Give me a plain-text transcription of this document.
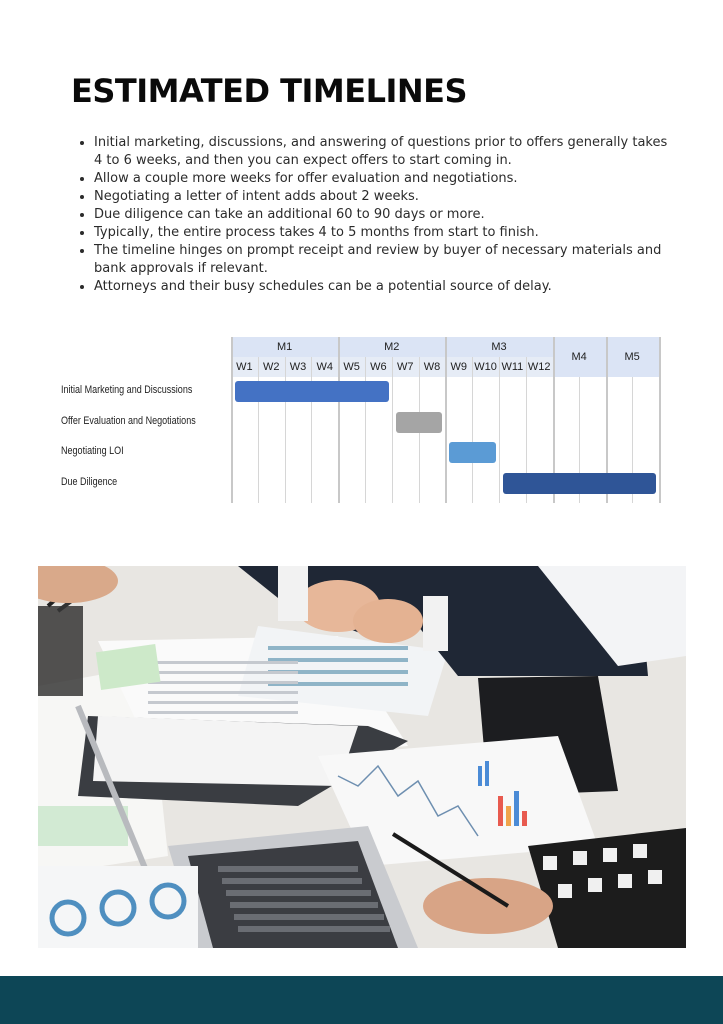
ESTIMATED TIMELINES
• Initial marketing, discussions, and answering of questions prior to offers generally takes 4 to 6 weeks, and then you can expect offers to start coming in.
• Allow a couple more weeks for offer evaluation and negotiations.
• Negotiating a letter of intent adds about 2 weeks.
• Due diligence can take an additional 60 to 90 days or more.
• Typically, the entire process takes 4 to 5 months from start to finish.
• The timeline hinges on prompt receipt and review by buyer of necessary materials and bank approvals if relevant.
• Attorneys and their busy schedules can be a potential source of delay.
M1
W1 W2 W3 W4
M2
W5 W6 W7 W8
M3
W9 W10 W11 W12
M4	M5
Initial Marketing and Discussions
Offer Evaluation and Negotiations
Negotiating LOI
Due Diligence
